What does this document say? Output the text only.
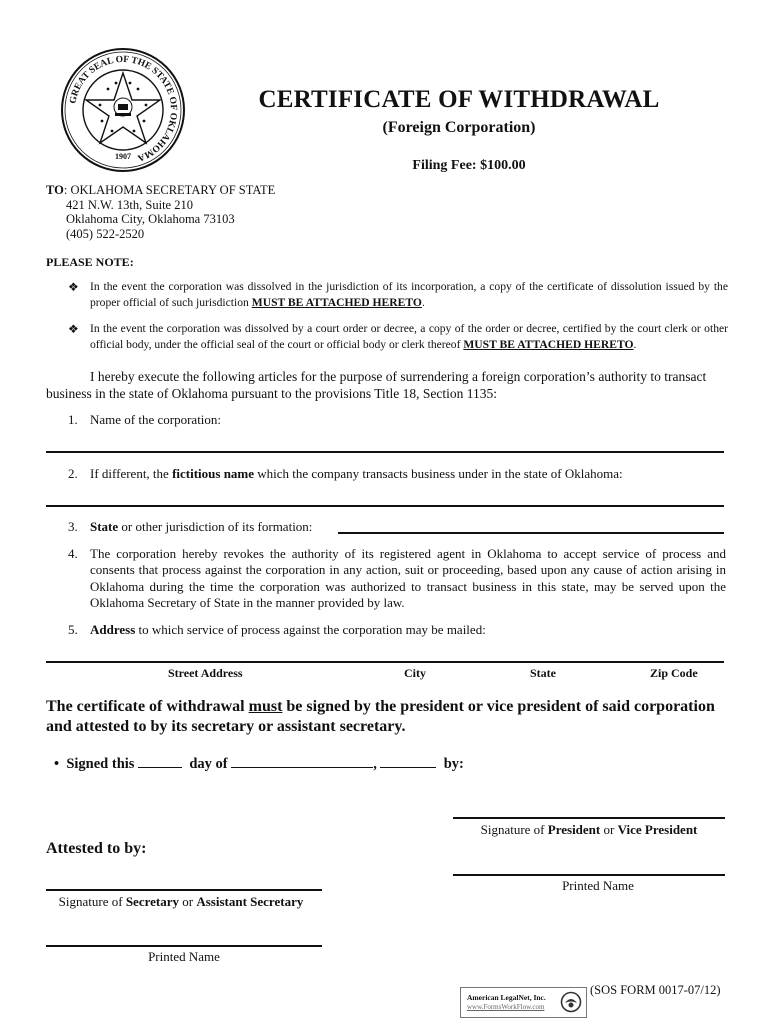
GREAT SEAL OF THE STATE OF OKLAHOMA
1907
CERTIFICATE OF WITHDRAWAL
(Foreign Corporation)
Filing Fee: $100.00
TO: OKLAHOMA SECRETARY OF STATE
421 N.W. 13th, Suite 210
Oklahoma City, Oklahoma 73103
(405) 522-2520
PLEASE NOTE:
❖ In the event the corporation was dissolved in the jurisdiction of its incorporation, a copy of the certificate of dissolution issued by the proper official of such jurisdiction MUST BE ATTACHED HERETO.
❖ In the event the corporation was dissolved by a court order or decree, a copy of the order or decree, certified by the court clerk or other official body, under the official seal of the court or official body or clerk thereof MUST BE ATTACHED HERETO.
I hereby execute the following articles for the purpose of surrendering a foreign corporation’s authority to transact business in the state of Oklahoma pursuant to the provisions Title 18, Section 1135:
1. Name of the corporation:
2. If different, the fictitious name which the company transacts business under in the state of Oklahoma:
3. State or other jurisdiction of its formation:
4. The corporation hereby revokes the authority of its registered agent in Oklahoma to accept service of process and consents that process against the corporation in any action, suit or proceeding, based upon any cause of action arising in Oklahoma during the time the corporation was authorized to transact business in this state, may be served upon the Oklahoma Secretary of State in the manner provided by law.
5. Address to which service of process against the corporation may be mailed:
Street Address	City	State	Zip Code
The certificate of withdrawal must be signed by the president or vice president of said corporation and attested to by its secretary or assistant secretary.
• Signed this	day of	,	by:
Signature of President or Vice President
Printed Name
Attested to by:
Signature of Secretary or Assistant Secretary
Printed Name
American LegalNet, Inc.
www.FormsWorkFlow.com
(SOS FORM 0017-07/12)
